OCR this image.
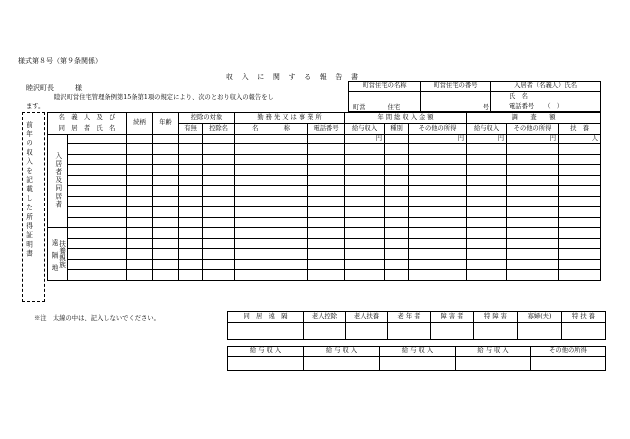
様式第８号（第９条関係）
収 入 に 関 す る 報 告 書
睦沢町長　　　様
睦沢町営住宅管理条例第15条第1項の規定により、次のとおり収入の報告をし
ます。
町営住宅の名称	町営住宅の番号	入居者（名義人）氏名
町営 住宅	号	氏　名
電話番号 （　）
前年の収入を記載した所得証明書
名　義　人　及　び		続柄	年齢	控除の対象		勤 務 先 又 は 事 業 所		年 間 総 収 入 金 額			調　　査　　額		
同　居　者　氏　名				有無	控除名	名　　　　称	電話番号	給与収入	種別	その他の所得	給与収入	その他の所得	扶　養
入居者及同居者								円		円	円	円	人

遠隔地 扶養親族													

※注　太線の中は、記入しないでください。	同　居　遠　隔	老人控除	老人扶養	老 年 者	障 害 者	特 障 害	寡婦(夫)	特 扶 養

給 与 収 入	給 与 収 入	給 与 収 入	給 与 収 入	その他の所得
